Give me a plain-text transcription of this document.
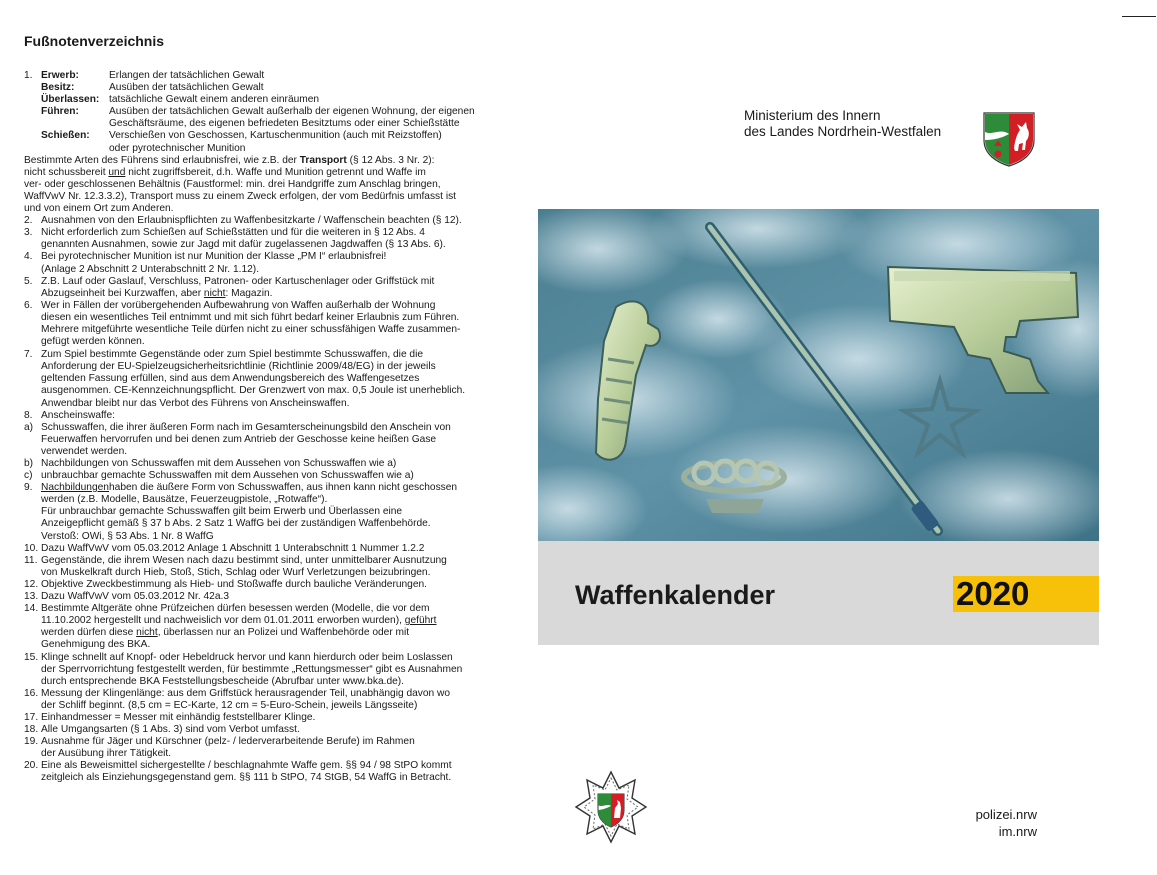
Fußnotenverzeichnis
1. Erwerb:	Erlangen der tatsächlichen Gewalt
Besitz:	Ausüben der tatsächlichen Gewalt
Überlassen: tatsächliche Gewalt einem anderen einräumen
Führen:	Ausüben der tatsächlichen Gewalt außerhalb der eigenen Wohnung, der eigenen
Geschäftsräume, des eigenen befriedeten Besitztums oder einer Schießstätte
Schießen:	Verschießen von Geschossen, Kartuschenmunition (auch mit Reizstoffen)
oder pyrotechnischer Munition
Bestimmte Arten des Führens sind erlaubnisfrei, wie z.B. der Transport (§ 12 Abs. 3 Nr. 2):
nicht schussbereit und nicht zugriffsbereit, d.h. Waffe und Munition getrennt und Waffe im
ver- oder geschlossenen Behältnis (Faustformel: min. drei Handgriffe zum Anschlag bringen,
WaffVwV Nr. 12.3.3.2), Transport muss zu einem Zweck erfolgen, der vom Bedürfnis umfasst ist
und von einem Ort zum Anderen.
2. Ausnahmen von den Erlaubnispflichten zu Waffenbesitzkarte / Waffenschein beachten (§ 12).
3. Nicht erforderlich zum Schießen auf Schießstätten und für die weiteren in § 12 Abs. 4
genannten Ausnahmen, sowie zur Jagd mit dafür zugelassenen Jagdwaffen (§ 13 Abs. 6).
4. Bei pyrotechnischer Munition ist nur Munition der Klasse „PM I“ erlaubnisfrei!
(Anlage 2 Abschnitt 2 Unterabschnitt 2 Nr. 1.12).
5. Z.B. Lauf oder Gaslauf, Verschluss, Patronen- oder Kartuschenlager oder Griffstück mit
Abzugseinheit bei Kurzwaffen, aber nicht: Magazin.
6. Wer in Fällen der vorübergehenden Aufbewahrung von Waffen außerhalb der Wohnung
diesen ein wesentliches Teil entnimmt und mit sich führt bedarf keiner Erlaubnis zum Führen.
Mehrere mitgeführte wesentliche Teile dürfen nicht zu einer schussfähigen Waffe zusammen-
gefügt werden können.
7. Zum Spiel bestimmte Gegenstände oder zum Spiel bestimmte Schusswaffen, die die
Anforderung der EU-Spielzeugsicherheitsrichtlinie (Richtlinie 2009/48/EG) in der jeweils
geltenden Fassung erfüllen, sind aus dem Anwendungsbereich des Waffengesetzes
ausgenommen. CE-Kennzeichnungspflicht. Der Grenzwert von max. 0,5 Joule ist unerheblich.
Anwendbar bleibt nur das Verbot des Führens von Anscheinswaffen.
8. Anscheinswaffe:
a) Schusswaffen, die ihrer äußeren Form nach im Gesamterscheinungsbild den Anschein von
Feuerwaffen hervorrufen und bei denen zum Antrieb der Geschosse keine heißen Gase
verwendet werden.
b) Nachbildungen von Schusswaffen mit dem Aussehen von Schusswaffen wie a)
c) unbrauchbar gemachte Schusswaffen mit dem Aussehen von Schusswaffen wie a)
9. Nachbildungen haben die äußere Form von Schusswaffen, aus ihnen kann nicht geschossen
werden (z.B. Modelle, Bausätze, Feuerzeugpistole, „Rotwaffe“).
Für unbrauchbar gemachte Schusswaffen gilt beim Erwerb und Überlassen eine
Anzeigepflicht gemäß § 37 b Abs. 2 Satz 1 WaffG bei der zuständigen Waffenbehörde.
Verstoß: OWi, § 53 Abs. 1 Nr. 8 WaffG
10. Dazu WaffVwV vom 05.03.2012 Anlage 1 Abschnitt 1 Unterabschnitt 1 Nummer 1.2.2
11. Gegenstände, die ihrem Wesen nach dazu bestimmt sind, unter unmittelbarer Ausnutzung
von Muskelkraft durch Hieb, Stoß, Stich, Schlag oder Wurf Verletzungen beizubringen.
12. Objektive Zweckbestimmung als Hieb- und Stoßwaffe durch bauliche Veränderungen.
13. Dazu WaffVwV vom 05.03.2012 Nr. 42a.3
14. Bestimmte Altgeräte ohne Prüfzeichen dürfen besessen werden (Modelle, die vor dem
11.10.2002 hergestellt und nachweislich vor dem 01.01.2011 erworben wurden), geführt
werden dürfen diese nicht, überlassen nur an Polizei und Waffenbehörde oder mit
Genehmigung des BKA.
15. Klinge schnellt auf Knopf- oder Hebeldruck hervor und kann hierdurch oder beim Loslassen
der Sperrvorrichtung festgestellt werden, für bestimmte „Rettungsmesser“ gibt es Ausnahmen
durch entsprechende BKA Feststellungsbescheide (Abrufbar unter www.bka.de).
16. Messung der Klingenlänge: aus dem Griffstück herausragender Teil, unabhängig davon wo
der Schliff beginnt. (8,5 cm = EC-Karte, 12 cm = 5-Euro-Schein, jeweils Längsseite)
17. Einhandmesser = Messer mit einhändig feststellbarer Klinge.
18. Alle Umgangsarten (§ 1 Abs. 3) sind vom Verbot umfasst.
19. Ausnahme für Jäger und Kürschner (pelz- / lederverarbeitende Berufe) im Rahmen
der Ausübung ihrer Tätigkeit.
20. Eine als Beweismittel sichergestellte / beschlagnahmte Waffe gem. §§ 94 / 98 StPO kommt
zeitgleich als Einziehungsgegenstand gem. §§ 111 b StPO, 74 StGB, 54 WaffG in Betracht.
Ministerium des Innern
des Landes Nordrhein-Westfalen
Waffenkalender	2020
polizei.nrw
im.nrw
